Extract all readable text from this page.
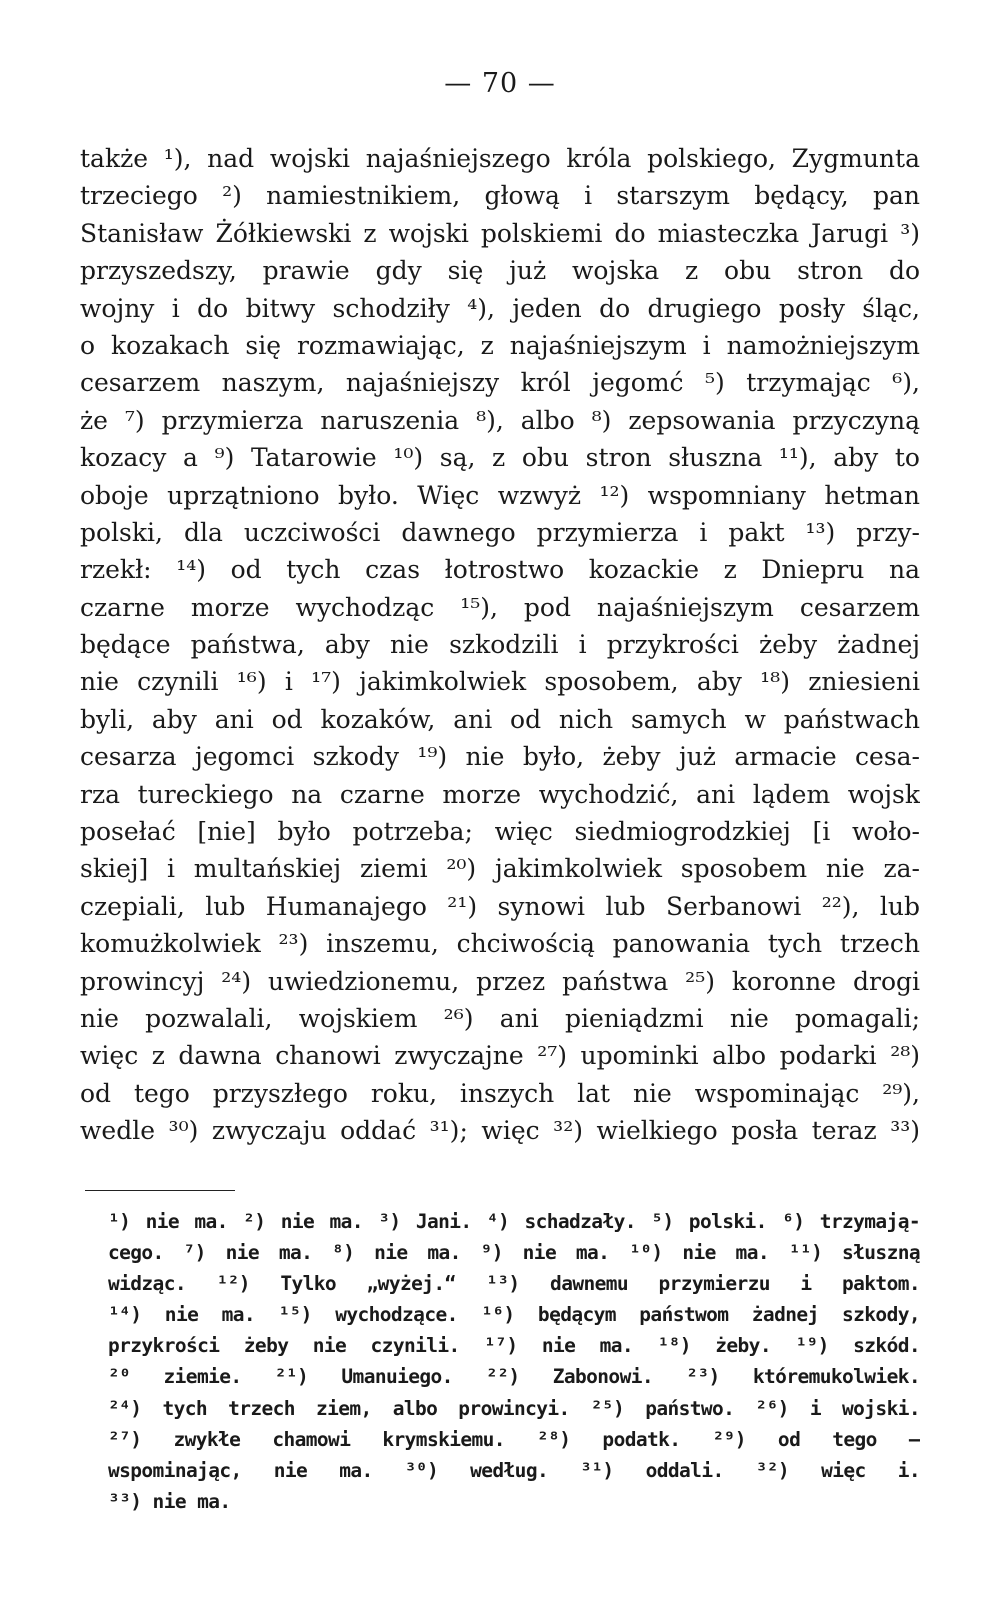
— 70 —
także ¹), nad wojski najaśniejszego króla polskiego, Zygmunta
trzeciego ²) namiestnikiem, głową i starszym będący, pan
Stanisław Żółkiewski z wojski polskiemi do miasteczka Jarugi ³)
przyszedszy, prawie gdy się już wojska z obu stron do
wojny i do bitwy schodziły ⁴), jeden do drugiego posły śląc,
o kozakach się rozmawiając, z najaśniejszym i namożniejszym
cesarzem naszym, najaśniejszy król jegomć ⁵) trzymając ⁶),
że ⁷) przymierza naruszenia ⁸), albo ⁸) zepsowania przyczyną
kozacy a ⁹) Tatarowie ¹⁰) są, z obu stron słuszna ¹¹), aby to
oboje uprzątniono było. Więc wzwyż ¹²) wspomniany hetman
polski, dla uczciwości dawnego przymierza i pakt ¹³) przy-
rzekł: ¹⁴) od tych czas łotrostwo kozackie z Dniepru na
czarne morze wychodząc ¹⁵), pod najaśniejszym cesarzem
będące państwa, aby nie szkodzili i przykrości żeby żadnej
nie czynili ¹⁶) i ¹⁷) jakimkolwiek sposobem, aby ¹⁸) zniesieni
byli, aby ani od kozaków, ani od nich samych w państwach
cesarza jegomci szkody ¹⁹) nie było, żeby już armacie cesa-
rza tureckiego na czarne morze wychodzić, ani lądem wojsk
posełać [nie] było potrzeba; więc siedmiogrodzkiej [i woło-
skiej] i multańskiej ziemi ²⁰) jakimkolwiek sposobem nie za-
czepiali, lub Humanajego ²¹) synowi lub Serbanowi ²²), lub
komużkolwiek ²³) inszemu, chciwością panowania tych trzech
prowincyj ²⁴) uwiedzionemu, przez państwa ²⁵) koronne drogi
nie pozwalali, wojskiem ²⁶) ani pieniądzmi nie pomagali;
więc z dawna chanowi zwyczajne ²⁷) upominki albo podarki ²⁸)
od tego przyszłego roku, inszych lat nie wspominając ²⁹),
wedle ³⁰) zwyczaju oddać ³¹); więc ³²) wielkiego posła teraz ³³)
¹) nie ma. ²) nie ma. ³) Jani. ⁴) schadzały. ⁵) polski. ⁶) trzymają-
cego. ⁷) nie ma. ⁸) nie ma. ⁹) nie ma. ¹⁰) nie ma. ¹¹) słuszną
widząc. ¹²) Tylko „wyżej.“ ¹³) dawnemu przymierzu i paktom.
¹⁴) nie ma. ¹⁵) wychodzące. ¹⁶) będącym państwom żadnej szkody,
przykrości żeby nie czynili. ¹⁷) nie ma. ¹⁸) żeby. ¹⁹) szkód.
²⁰ ziemie. ²¹) Umanuiego. ²²) Zabonowi. ²³) któremukolwiek.
²⁴) tych trzech ziem, albo prowincyi. ²⁵) państwo. ²⁶) i wojski.
²⁷) zwykłe chamowi krymskiemu. ²⁸) podatk. ²⁹) od tego —
wspominając, nie ma. ³⁰) według. ³¹) oddali. ³²) więc i.
³³) nie ma.
